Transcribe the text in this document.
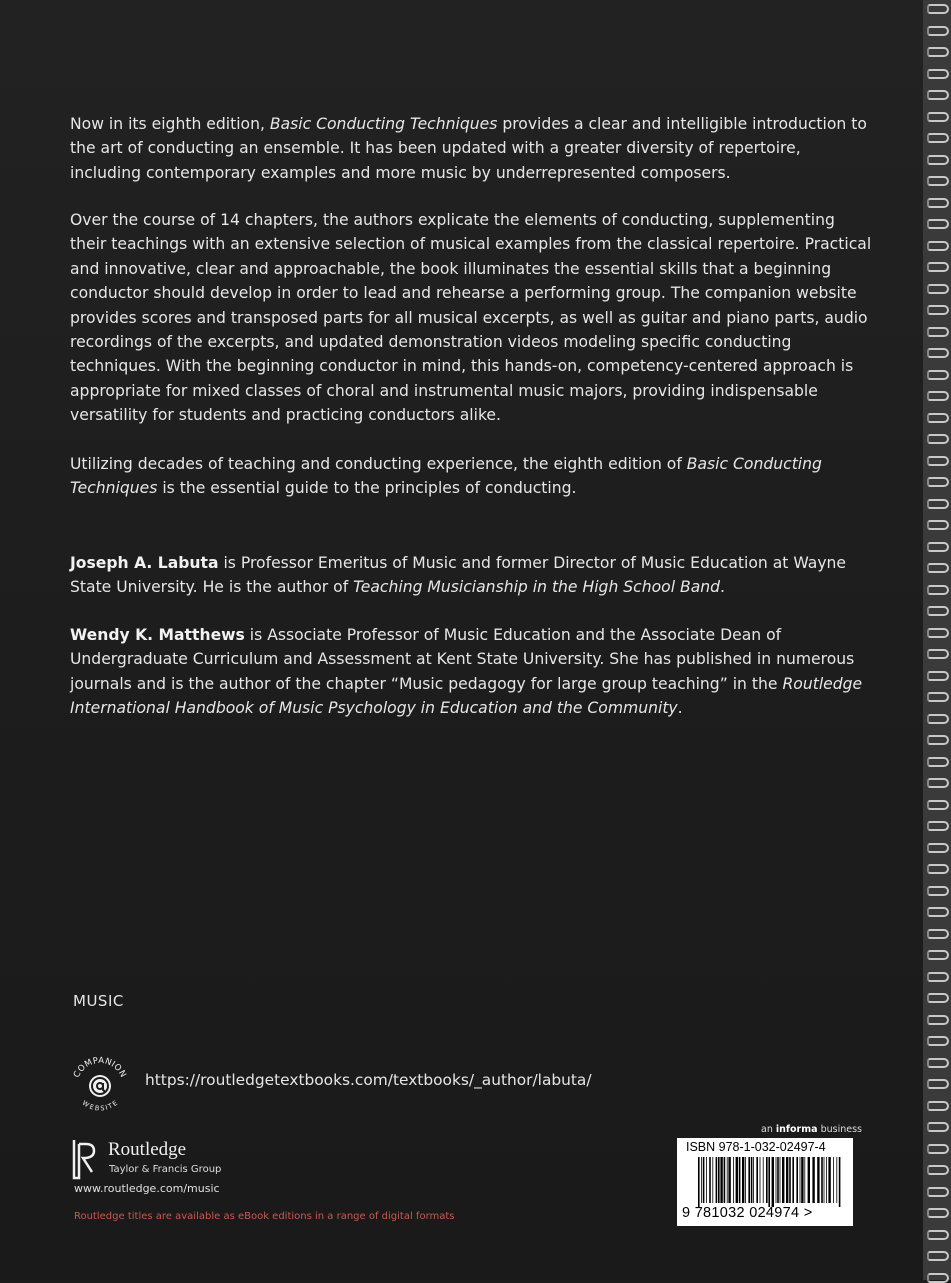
Now in its eighth edition, Basic Conducting Techniques provides a clear and intelligible introduction to the art of conducting an ensemble. It has been updated with a greater diversity of repertoire, including contemporary examples and more music by underrepresented composers.

Over the course of 14 chapters, the authors explicate the elements of conducting, supplementing their teachings with an extensive selection of musical examples from the classical repertoire. Practical and innovative, clear and approachable, the book illuminates the essential skills that a beginning conductor should develop in order to lead and rehearse a performing group. The companion website provides scores and transposed parts for all musical excerpts, as well as guitar and piano parts, audio recordings of the excerpts, and updated demonstration videos modeling specific conducting techniques. With the beginning conductor in mind, this hands-on, competency-centered approach is appropriate for mixed classes of choral and instrumental music majors, providing indispensable versatility for students and practicing conductors alike.

Utilizing decades of teaching and conducting experience, the eighth edition of Basic Conducting Techniques is the essential guide to the principles of conducting.

Joseph A. Labuta is Professor Emeritus of Music and former Director of Music Education at Wayne State University. He is the author of Teaching Musicianship in the High School Band.
Wendy K. Matthews is Associate Professor of Music Education and the Associate Dean of Undergraduate Curriculum and Assessment at Kent State University. She has published in numerous journals and is the author of the chapter “Music pedagogy for large group teaching” in the Routledge International Handbook of Music Psychology in Education and the Community.
MUSIC
COMPANION
WEBSITE
https://routledgetextbooks.com/textbooks/_author/labuta/
Routledge
Taylor & Francis Group
www.routledge.com/music
Routledge titles are available as eBook editions in a range of digital formats
an informa business
ISBN 978-1-032-02497-4
9 781032 024974 >
